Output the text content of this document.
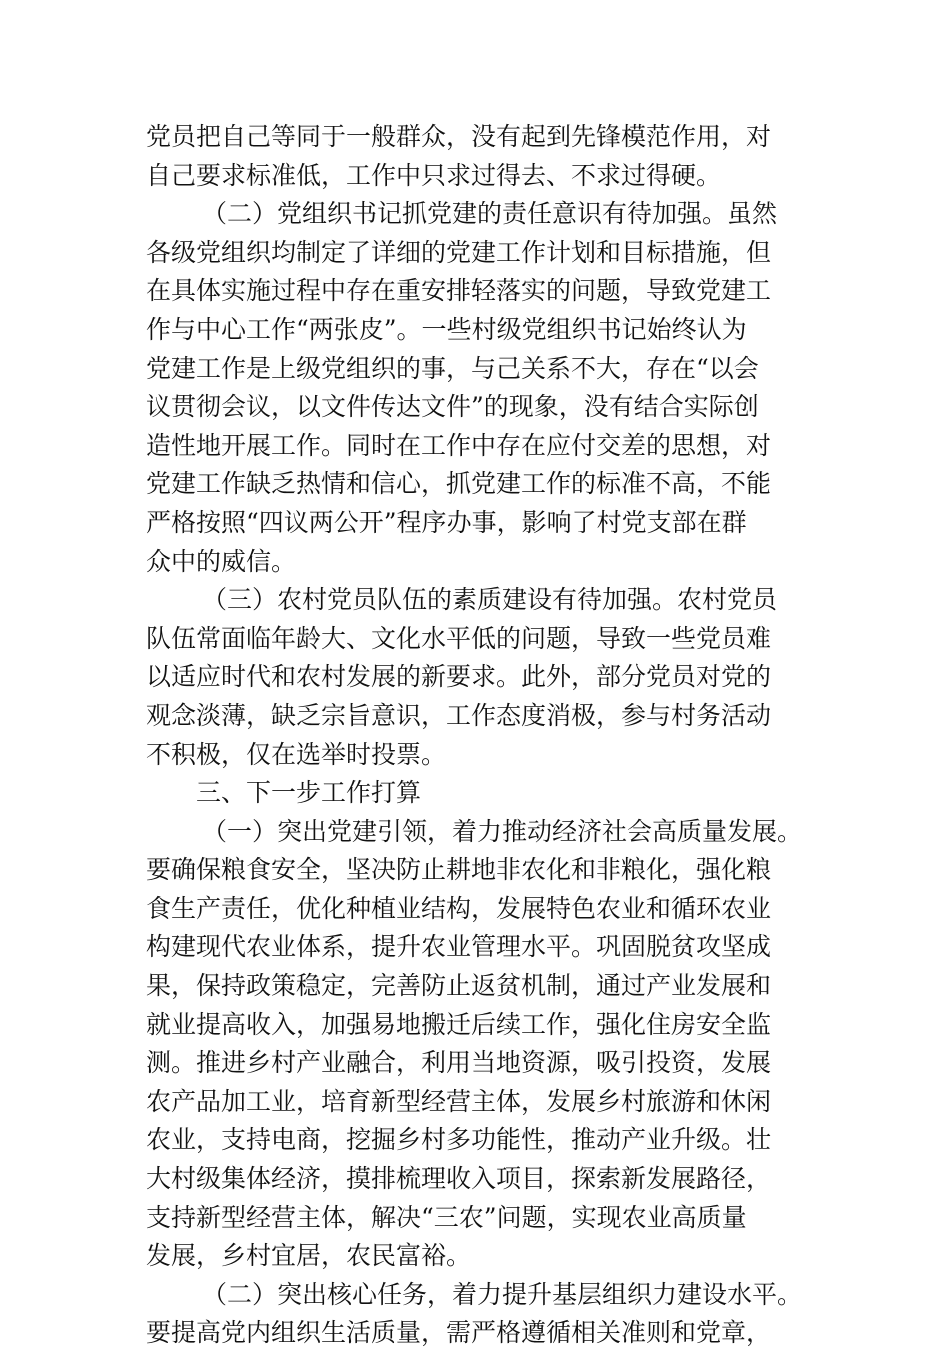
党员把自己等同于一般群众，没有起到先锋模范作用，对
自己要求标准低，工作中只求过得去、不求过得硬。
（二）党组织书记抓党建的责任意识有待加强。虽然
各级党组织均制定了详细的党建工作计划和目标措施，但
在具体实施过程中存在重安排轻落实的问题，导致党建工
作与中心工作“两张皮”。一些村级党组织书记始终认为
党建工作是上级党组织的事，与己关系不大，存在“以会
议贯彻会议，以文件传达文件”的现象，没有结合实际创
造性地开展工作。同时在工作中存在应付交差的思想，对
党建工作缺乏热情和信心，抓党建工作的标准不高，不能
严格按照“四议两公开”程序办事，影响了村党支部在群
众中的威信。
（三）农村党员队伍的素质建设有待加强。农村党员
队伍常面临年龄大、文化水平低的问题，导致一些党员难
以适应时代和农村发展的新要求。此外，部分党员对党的
观念淡薄，缺乏宗旨意识，工作态度消极，参与村务活动
不积极，仅在选举时投票。
三、下一步工作打算
（一）突出党建引领，着力推动经济社会高质量发展。
要确保粮食安全，坚决防止耕地非农化和非粮化，强化粮
食生产责任，优化种植业结构，发展特色农业和循环农业
构建现代农业体系，提升农业管理水平。巩固脱贫攻坚成
果，保持政策稳定，完善防止返贫机制，通过产业发展和
就业提高收入，加强易地搬迁后续工作，强化住房安全监
测。推进乡村产业融合，利用当地资源，吸引投资，发展
农产品加工业，培育新型经营主体，发展乡村旅游和休闲
农业，支持电商，挖掘乡村多功能性，推动产业升级。壮
大村级集体经济，摸排梳理收入项目，探索新发展路径，
支持新型经营主体，解决“三农”问题，实现农业高质量
发展，乡村宜居，农民富裕。
（二）突出核心任务，着力提升基层组织力建设水平。
要提高党内组织生活质量，需严格遵循相关准则和党章，
